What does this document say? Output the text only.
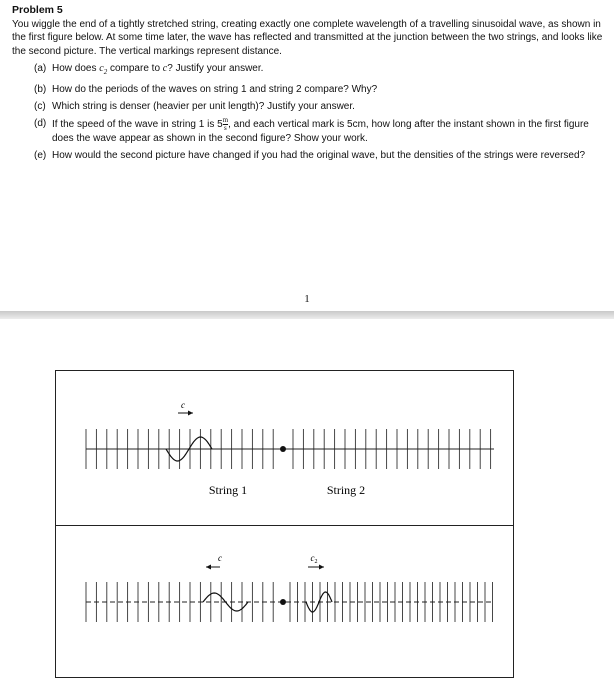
Problem 5

You wiggle the end of a tightly stretched string, creating exactly one complete wavelength of a travelling sinusoidal wave, as shown in the first figure below. At some time later, the wave has reflected and transmitted at the junction between the two strings, and looks like the second picture. The vertical markings represent distance.

(a) How does $c_2$ compare to c? Justify your answer.
(b) How do the periods of the waves on string 1 and string 2 compare? Why?
(c) Which string is denser (heavier per unit length)? Justify your answer.
(d) If the speed of the wave in string 1 is $5 \frac{m}{s}$ , and each vertical mark is 5cm, how long after the instant shown in the first figure does the wave appear as shown in the second figure? Show your work.
(e) How would the second picture have changed if you had the original wave, but the densities of the strings were reversed?
1
c
String 1	String 2
c	$c_2$
